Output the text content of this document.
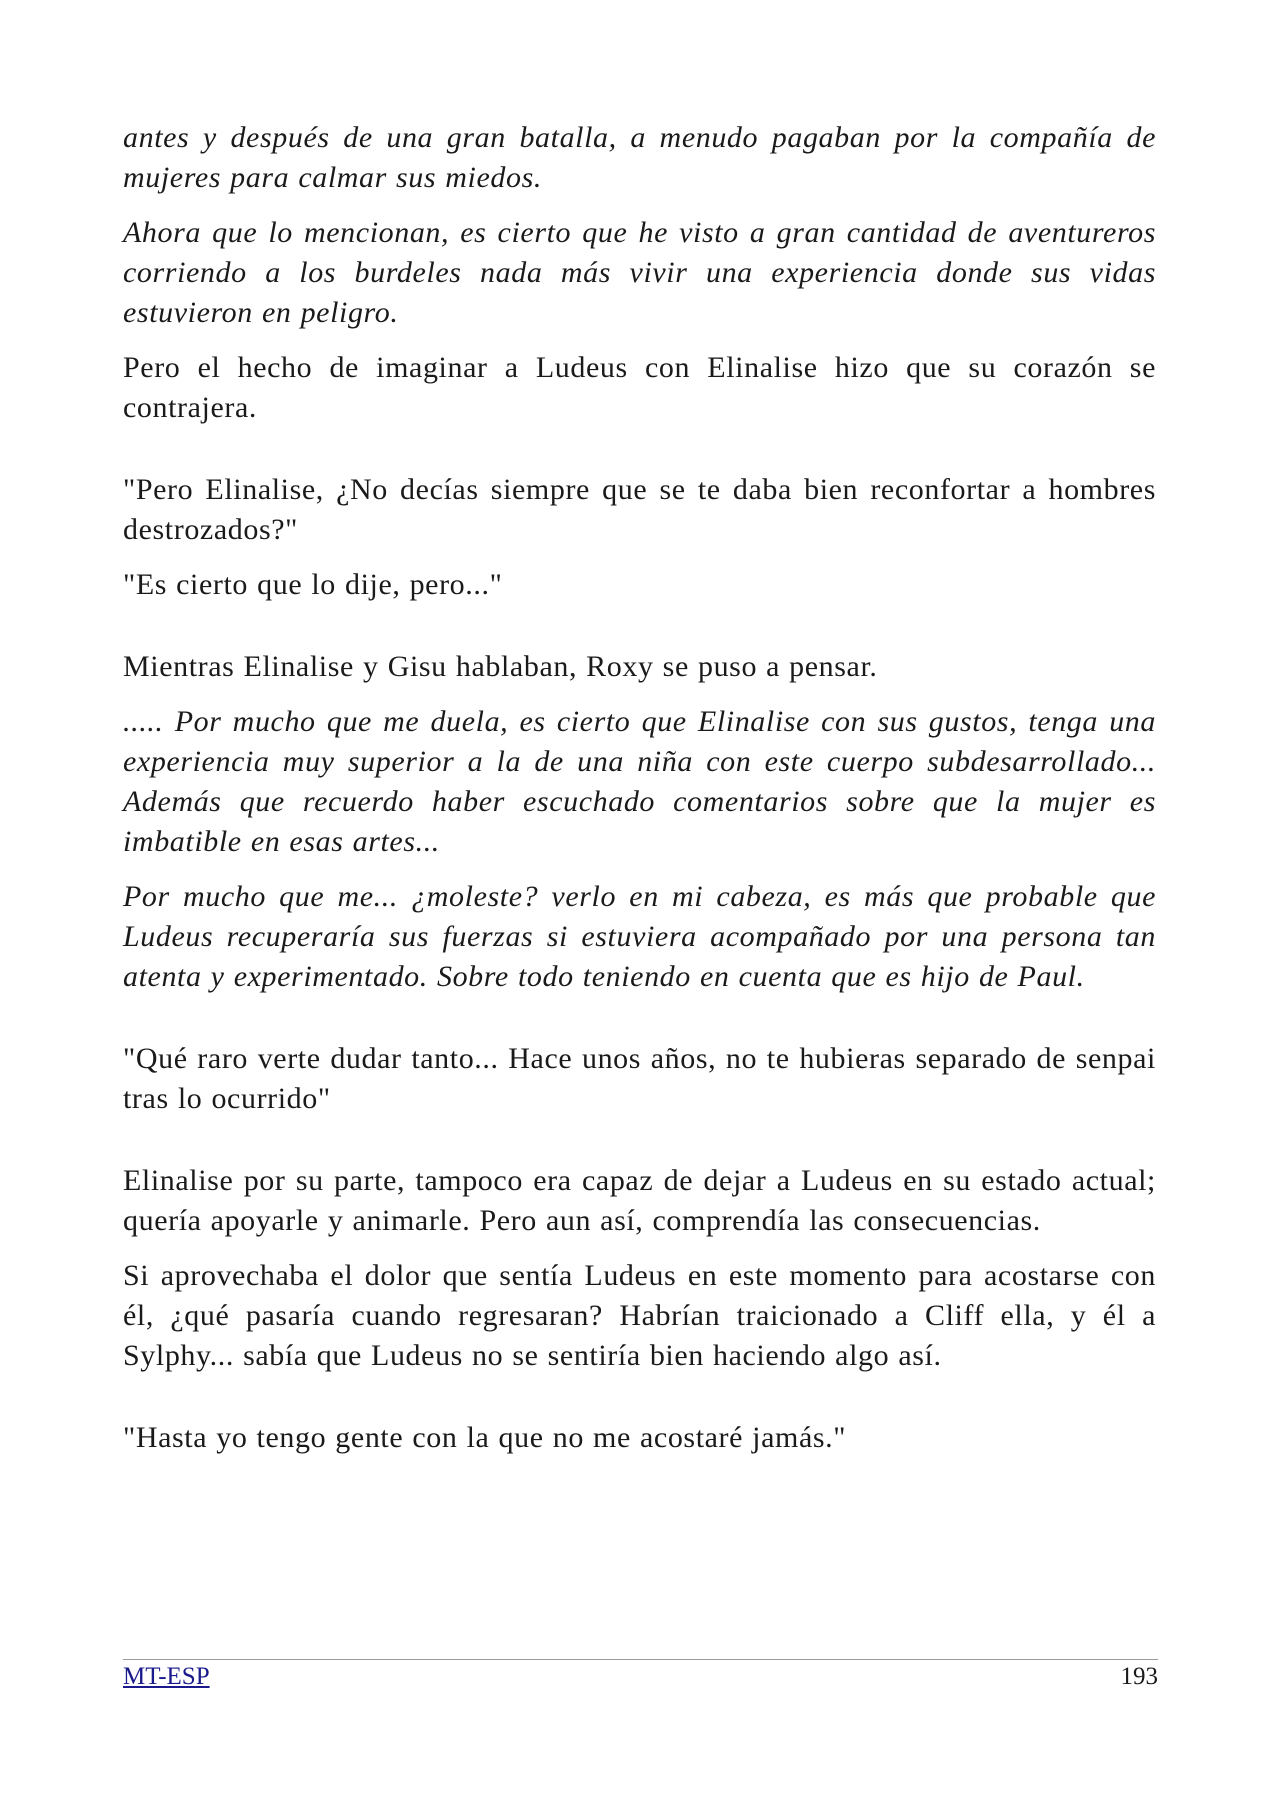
antes y después de una gran batalla, a menudo pagaban por la compañía de mujeres para calmar sus miedos.

Ahora que lo mencionan, es cierto que he visto a gran cantidad de aventureros corriendo a los burdeles nada más vivir una experiencia donde sus vidas estuvieron en peligro.

Pero el hecho de imaginar a Ludeus con Elinalise hizo que su corazón se contrajera.

"Pero Elinalise, ¿No decías siempre que se te daba bien reconfortar a hombres destrozados?"

"Es cierto que lo dije, pero..."

Mientras Elinalise y Gisu hablaban, Roxy se puso a pensar.

..... Por mucho que me duela, es cierto que Elinalise con sus gustos, tenga una experiencia muy superior a la de una niña con este cuerpo subdesarrollado... Además que recuerdo haber escuchado comentarios sobre que la mujer es imbatible en esas artes...

Por mucho que me... ¿moleste? verlo en mi cabeza, es más que probable que Ludeus recuperaría sus fuerzas si estuviera acompañado por una persona tan atenta y experimentado. Sobre todo teniendo en cuenta que es hijo de Paul.

"Qué raro verte dudar tanto... Hace unos años, no te hubieras separado de senpai tras lo ocurrido"

Elinalise por su parte, tampoco era capaz de dejar a Ludeus en su estado actual; quería apoyarle y animarle. Pero aun así, comprendía las consecuencias.

Si aprovechaba el dolor que sentía Ludeus en este momento para acostarse con él, ¿qué pasaría cuando regresaran? Habrían traicionado a Cliff ella, y él a Sylphy... sabía que Ludeus no se sentiría bien haciendo algo así.

"Hasta yo tengo gente con la que no me acostaré jamás."

MT-ESP	193
